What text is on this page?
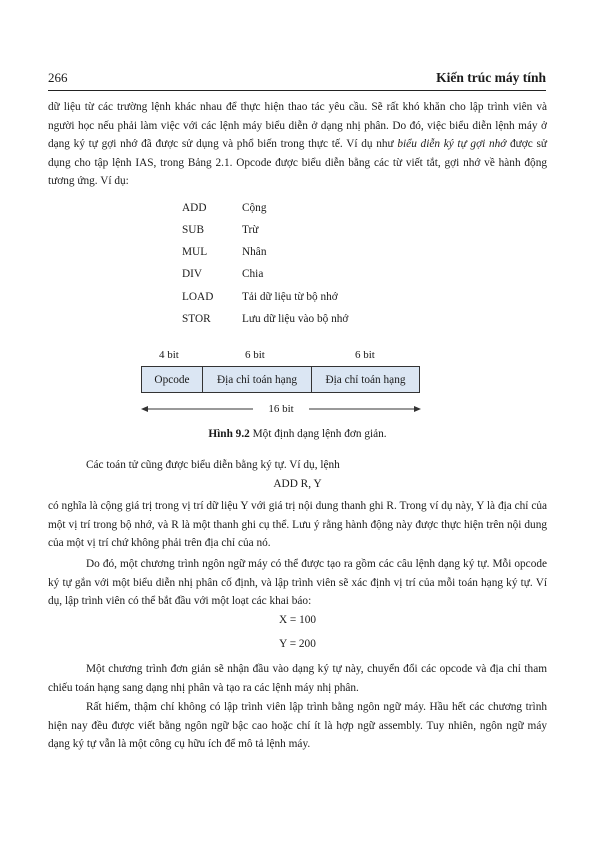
266	Kiến trúc máy tính
dữ liệu từ các trường lệnh khác nhau để thực hiện thao tác yêu cầu. Sẽ rất khó khăn cho lập trình viên và người học nếu phải làm việc với các lệnh máy biểu diễn ở dạng nhị phân. Do đó, việc biểu diễn lệnh máy ở dạng ký tự gợi nhớ đã được sử dụng và phổ biến trong thực tế. Ví dụ như biểu diễn ký tự gợi nhớ được sử dụng cho tập lệnh IAS, trong Bảng 2.1. Opcode được biểu diễn bằng các từ viết tắt, gợi nhớ về hành động tương ứng. Ví dụ:
ADD	Cộng
SUB	Trừ
MUL	Nhân
DIV	Chia
LOAD	Tải dữ liệu từ bộ nhớ
STOR	Lưu dữ liệu vào bộ nhớ
4 bit	6 bit	6 bit
Opcode	Địa chỉ toán hạng	Địa chỉ toán hạng
16 bit
Hình 9.2 Một định dạng lệnh đơn giản.
Các toán tử cũng được biểu diễn bằng ký tự. Ví dụ, lệnh
ADD R, Y
có nghĩa là cộng giá trị trong vị trí dữ liệu Y với giá trị nội dung thanh ghi R. Trong ví dụ này, Y là địa chỉ của một vị trí trong bộ nhớ, và R là một thanh ghi cụ thể. Lưu ý rằng hành động này được thực hiện trên nội dung của một vị trí chứ không phải trên địa chỉ của nó.
Do đó, một chương trình ngôn ngữ máy có thể được tạo ra gồm các câu lệnh dạng ký tự. Mỗi opcode ký tự gắn với một biểu diễn nhị phân cố định, và lập trình viên sẽ xác định vị trí của mỗi toán hạng ký tự. Ví dụ, lập trình viên có thể bắt đầu với một loạt các khai báo:
X = 100
Y = 200
Một chương trình đơn giản sẽ nhận đầu vào dạng ký tự này, chuyển đổi các opcode và địa chỉ tham chiếu toán hạng sang dạng nhị phân và tạo ra các lệnh máy nhị phân.
Rất hiếm, thậm chí không có lập trình viên lập trình bằng ngôn ngữ máy. Hầu hết các chương trình hiện nay đều được viết bằng ngôn ngữ bậc cao hoặc chí ít là hợp ngữ assembly. Tuy nhiên, ngôn ngữ máy dạng ký tự vẫn là một công cụ hữu ích để mô tả lệnh máy.
